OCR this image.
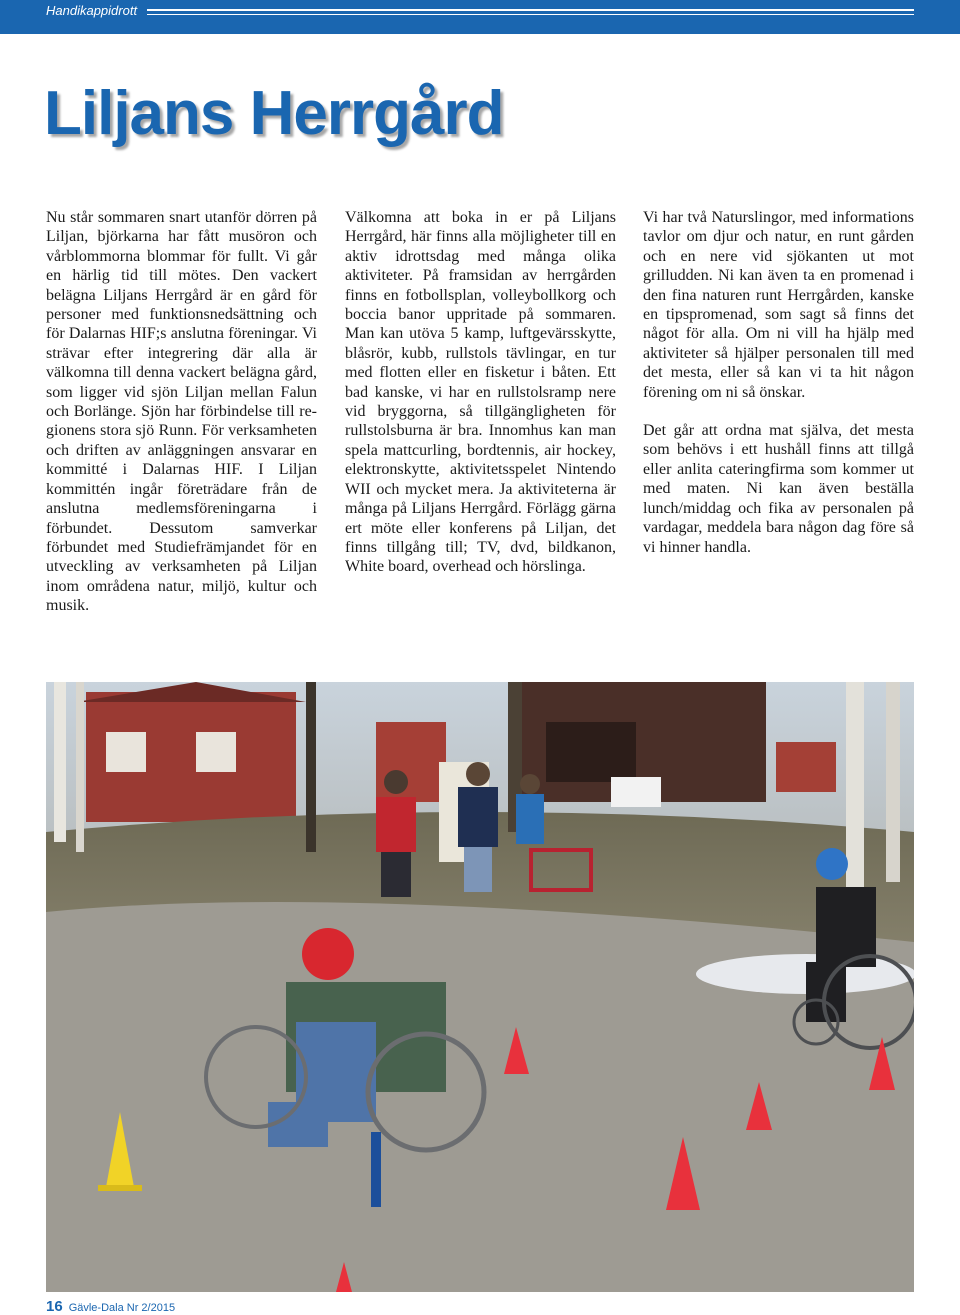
Handikappidrott
Liljans Herrgård

Nu står sommaren snart utanför dörren på Liljan, björkarna har fått musöron och vårblommorna blommar för fullt. Vi går en härlig tid till mötes. Den vackert belägna Liljans Herrgård är en gård för personer med funktionsnedsättning och för Dalarnas HIF;s anslutna föreningar. Vi strävar efter integrering där alla är välkomna till denna vackert belägna gård, som ligger vid sjön Liljan mellan Falun och Borlänge. Sjön har förbindelse till regionens stora sjö Runn. För verksamheten och driften av anläggningen ansvarar en kommitté i Dalarnas HIF. I Liljan kommittén ingår företrädare från de anslutna medlemsföreningarna i förbundet. Dessutom samverkar förbundet med Studiefrämjandet för en utveckling av verksamheten på Liljan inom områdena natur, miljö, kultur och musik.

Välkomna att boka in er på Liljans Herrgård, här finns alla möjligheter till en aktiv idrottsdag med många olika aktiviteter. På framsidan av herrgården finns en fotbollsplan, volleybollkorg och boccia banor uppritade på sommaren. Man kan utöva 5 kamp, luftgevärsskytte, blåsrör, kubb, rullstols tävlingar, en tur med flotten eller en fisketur i båten. Ett bad kanske, vi har en rullstolsramp nere vid bryggorna, så tillgängligheten för rullstolsburna är bra. Innomhus kan man spela mattcurling, bordtennis, air hockey, elektronskytte, aktivitetsspelet Nintendo WII och mycket mera. Ja aktiviteterna är många på Liljans Herrgård. Förlägg gärna ert möte eller konferens på Liljan, det finns tillgång till; TV, dvd, bildkanon, White board, overhead och hörslinga.

Vi har två Naturslingor, med informations tavlor om djur och natur, en runt gården och en nere vid sjökanten ut mot grilludden. Ni kan även ta en promenad i den fina naturen runt Herrgården, kanske en tipspromenad, som sagt så finns det något för alla. Om ni vill ha hjälp med aktiviteter så hjälper personalen till med det mesta, eller så kan vi ta hit någon förening om ni så önskar.

Det går att ordna mat själva, det mesta som behövs i ett hushåll finns att tillgå eller anlita cateringfirma som kommer ut med maten. Ni kan även beställa lunch/middag och fika av personalen på vardagar, meddela bara någon dag före så vi hinner handla.

16 Gävle-Dala Nr 2/2015
